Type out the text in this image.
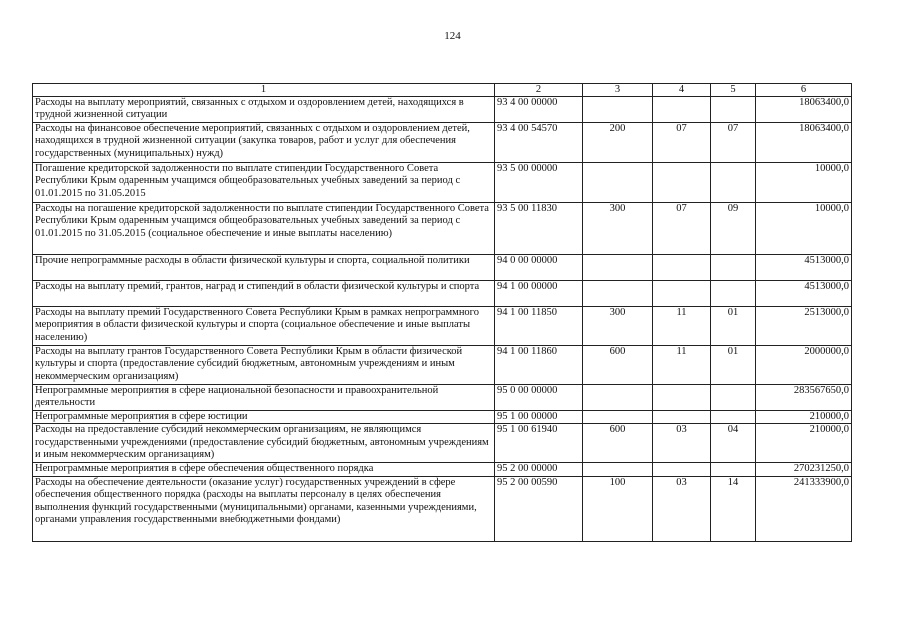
124
1	2	3	4	5	6
Расходы на выплату мероприятий, связанных с отдыхом и оздоровлением детей, находящихся в трудной жизненной ситуации	93 4 00 00000				18063400,0
Расходы на финансовое обеспечение мероприятий, связанных с отдыхом и оздоровлением детей, находящихся в трудной жизненной ситуации (закупка товаров, работ и услуг для обеспечения государственных (муниципальных) нужд)	93 4 00 54570	200	07	07	18063400,0
Погашение кредиторской задолженности по выплате стипендии Государственного Совета Республики Крым одаренным учащимся общеобразовательных учебных заведений за период с 01.01.2015 по 31.05.2015	93 5 00 00000				10000,0
Расходы на погашение кредиторской задолженности по выплате стипендии Государственного Совета Республики Крым одаренным учащимся общеобразовательных учебных заведений за период с 01.01.2015 по 31.05.2015 (социальное обеспечение и иные выплаты населению)	93 5 00 11830	300	07	09	10000,0
Прочие непрограммные расходы в области физической культуры и спорта, социальной политики	94 0 00 00000				4513000,0
Расходы на выплату премий, грантов, наград и стипендий в области физической культуры и спорта	94 1 00 00000				4513000,0
Расходы на выплату премий Государственного Совета Республики Крым в рамках непрограммного мероприятия в области физической культуры и спорта (социальное обеспечение и иные выплаты населению)	94 1 00 11850	300	11	01	2513000,0
Расходы на выплату грантов Государственного Совета Республики Крым в области физической культуры и спорта (предоставление субсидий бюджетным, автономным учреждениям и иным некоммерческим организациям)	94 1 00 11860	600	11	01	2000000,0
Непрограммные мероприятия в сфере национальной безопасности и правоохранительной деятельности	95 0 00 00000				283567650,0
Непрограммные мероприятия в сфере юстиции	95 1 00 00000				210000,0
Расходы на предоставление субсидий некоммерческим организациям, не являющимся государственными учреждениями (предоставление субсидий бюджетным, автономным учреждениям и иным некоммерческим организациям)	95 1 00 61940	600	03	04	210000,0
Непрограммные мероприятия в сфере обеспечения общественного порядка	95 2 00 00000				270231250,0
Расходы на обеспечение деятельности (оказание услуг) государственных учреждений в сфере обеспечения общественного порядка (расходы на выплаты персоналу в целях обеспечения выполнения функций государственными (муниципальными) органами, казенными учреждениями, органами управления государственными внебюджетными фондами)	95 2 00 00590	100	03	14	241333900,0
